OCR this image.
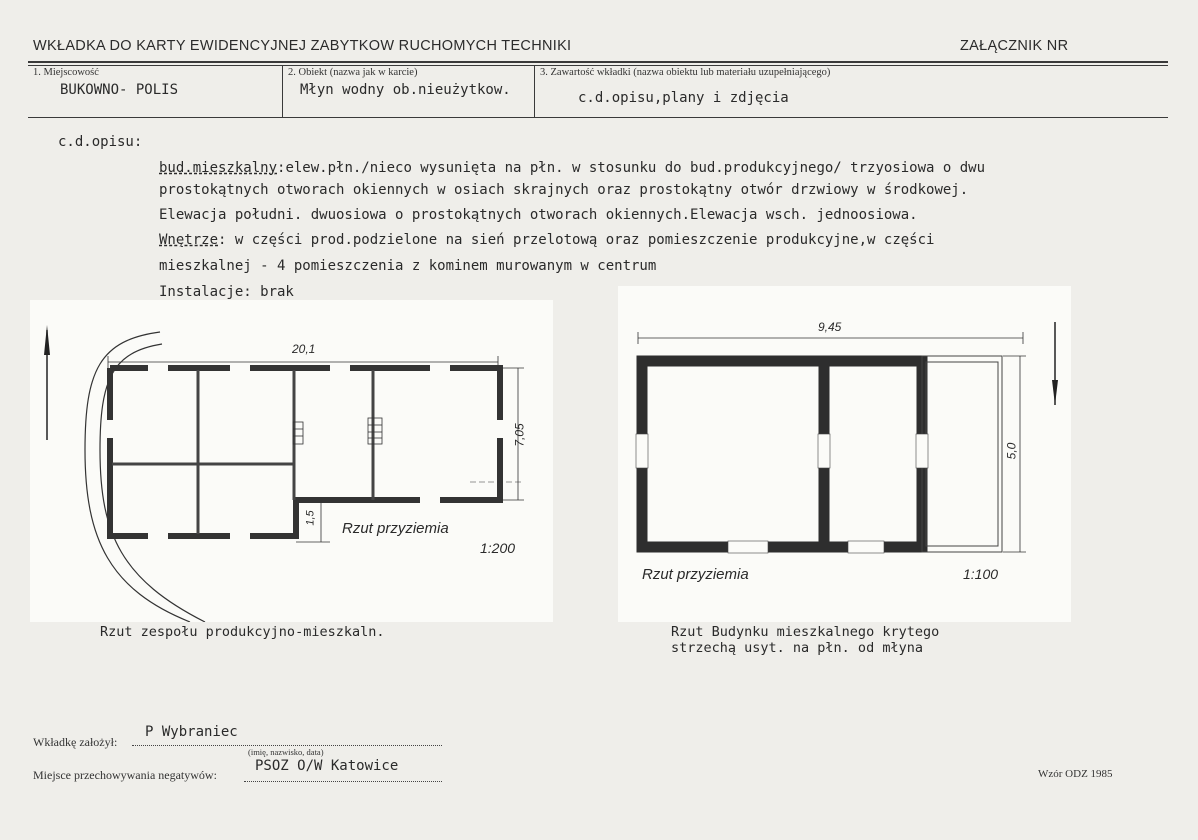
WKŁADKA DO KARTY EWIDENCYJNEJ ZABYTKOW RUCHOMYCH TECHNIKI	ZAŁĄCZNIK NR
1. Miejscowość
BUKOWNO- POLIS
2. Obiekt (nazwa jak w karcie)
Młyn wodny ob.nieużytkow.
3. Zawartość wkładki (nazwa obiektu lub materiału uzupełniającego)
c.d.opisu,plany i zdjęcia
c.d.opisu:
bud.mieszkalny:elew.płn./nieco wysunięta na płn. w stosunku do bud.produkcyjnego/ trzyosiowa o dwu
prostokątnych otworach okiennych w osiach skrajnych oraz prostokątny otwór drzwiowy w środkowej.
Elewacja południ. dwuosiowa o prostokątnych otworach okiennych.Elewacja wsch. jednoosiowa.
Wnętrze: w części prod.podzielone na sień przelotową oraz pomieszczenie produkcyjne,w części
mieszkalnej - 4 pomieszczenia z kominem murowanym w centrum
Instalacje: brak
20,1
7,05
1,5
Rzut przyziemia
1:200
Rzut zespołu produkcyjno-mieszkaln.
9,45
5,0
Rzut przyziemia	1:100
Rzut Budynku mieszkalnego krytego
strzechą usyt. na płn. od młyna
Wkładkę założył:
P Wybraniec
(imię, nazwisko, data)
Miejsce przechowywania negatywów:
PSOZ O/W Katowice	Wzór ODZ 1985
